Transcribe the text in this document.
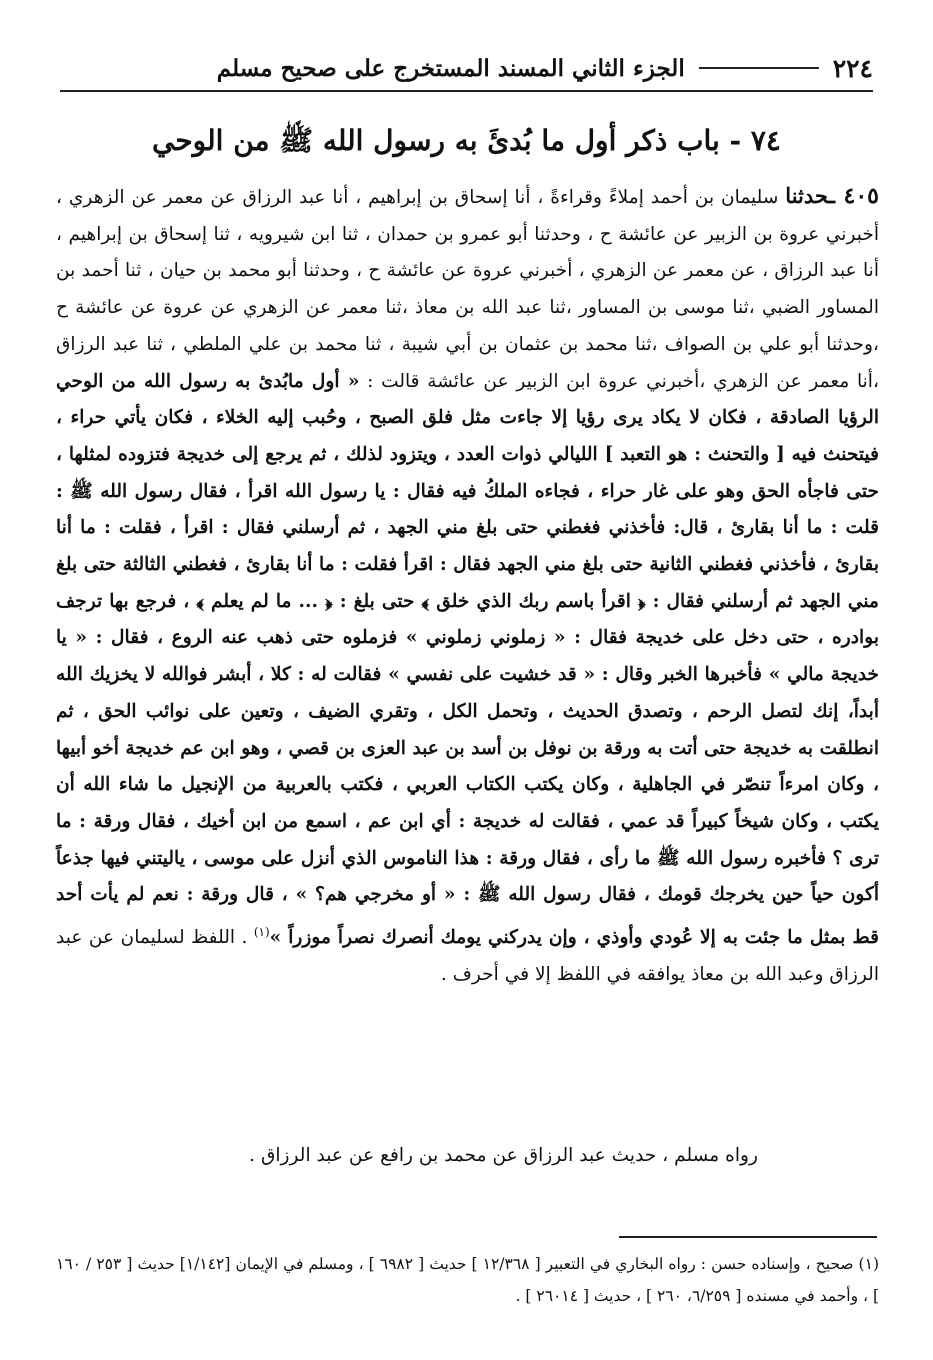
٢٢٤
الجزء الثاني المسند المستخرج على صحيح مسلم
٧٤ - باب ذكر أول ما بُدئَ به رسول الله ﷺ من الوحي
٤٠٥ ـحدثنا سليمان بن أحمد إملاءً وقراءةً ، أنا إسحاق بن إبراهيم ، أنا عبد الرزاق عن معمر عن الزهري ، أخبرني عروة بن الزبير عن عائشة ح ، وحدثنا أبو عمرو بن حمدان ، ثنا ابن شيرويه ، ثنا إسحاق بن إبراهيم ، أنا عبد الرزاق ، عن معمر عن الزهري ، أخبرني عروة عن عائشة ح ، وحدثنا أبو محمد بن حيان ، ثنا أحمد بن المساور الضبي ،ثنا موسى بن المساور ،ثنا عبد الله بن معاذ ،ثنا معمر عن الزهري عن عروة عن عائشة ح ،وحدثنا أبو علي بن الصواف ،ثنا محمد بن عثمان بن أبي شيبة ، ثنا محمد بن علي الملطي ، ثنا عبد الرزاق ،أنا معمر عن الزهري ،أخبرني عروة ابن الزبير عن عائشة قالت : « أول مابُدئ به رسول الله من الوحي الرؤيا الصادقة ، فكان لا يكاد يرى رؤيا إلا جاءت مثل فلق الصبح ، وحُبب إليه الخلاء ، فكان يأتي حراء ، فيتحنث فيه [ والتحنث : هو التعبد ] الليالي ذوات العدد ، ويتزود لذلك ، ثم يرجع إلى خديجة فتزوده لمثلها ، حتى فاجأه الحق وهو على غار حراء ، فجاءه الملكُ فيه فقال : يا رسول الله اقرأ ، فقال رسول الله ﷺ : قلت : ما أنا بقارئ ، قال: فأخذني فغطني حتى بلغ مني الجهد ، ثم أرسلني فقال : اقرأ ، فقلت : ما أنا بقارئ ، فأخذني فغطني الثانية حتى بلغ مني الجهد فقال : اقرأ فقلت : ما أنا بقارئ ، فغطني الثالثة حتى بلغ مني الجهد ثم أرسلني فقال : ﴿ اقرأ باسم ربك الذي خلق ﴾ حتى بلغ : ﴿ ... ما لم يعلم ﴾ ، فرجع بها ترجف بوادره ، حتى دخل على خديجة فقال : « زملوني زملوني » فزملوه حتى ذهب عنه الروع ، فقال : « يا خديجة مالي » فأخبرها الخبر وقال : « قد خشيت على نفسي » فقالت له : كلا ، أبشر فوالله لا يخزيك الله أبداً، إنك لتصل الرحم ، وتصدق الحديث ، وتحمل الكل ، وتقري الضيف ، وتعين على نوائب الحق ، ثم انطلقت به خديجة حتى أتت به ورقة بن نوفل بن أسد بن عبد العزى بن قصي ، وهو ابن عم خديجة أخو أبيها ، وكان امرءاً تنصّر في الجاهلية ، وكان يكتب الكتاب العربي ، فكتب بالعربية من الإنجيل ما شاء الله أن يكتب ، وكان شيخاً كبيراً قد عمي ، فقالت له خديجة : أي ابن عم ، اسمع من ابن أخيك ، فقال ورقة : ما ترى ؟ فأخبره رسول الله ﷺ ما رأى ، فقال ورقة : هذا الناموس الذي أنزل على موسى ، ياليتني فيها جذعاً أكون حياً حين يخرجك قومك ، فقال رسول الله ﷺ : « أو مخرجي هم؟ » ، قال ورقة : نعم لم يأت أحد قط بمثل ما جئت به إلا عُودي وأوذي ، وإن يدركني يومك أنصرك نصراً موزراً »$^{(١)}$ . اللفظ لسليمان عن عبد الرزاق وعبد الله بن معاذ يوافقه في اللفظ إلا في أحرف .
رواه مسلم ، حديث عبد الرزاق عن محمد بن رافع عن عبد الرزاق .
(١) صحيح ، وإسناده حسن : رواه البخاري في التعبير [ ١٢/٣٦٨ ] حديث [ ٦٩٨٢ ] ، ومسلم في الإيمان [١/١٤٢] حديث [ ٢٥٣ / ١٦٠ ] ، وأحمد في مسنده [ ٦/٢٥٩، ٢٦٠ ] ، حديث [ ٢٦٠١٤ ] .
